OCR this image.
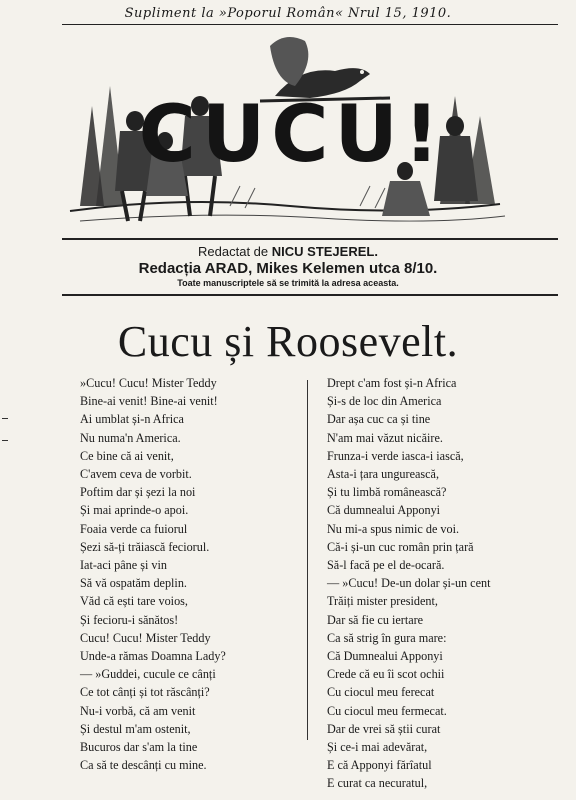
Supliment la »Poporul Român« Nrul 15, 1910.
CUCU!
Redactat de NICU STEJEREL.
Redacția ARAD, Mikes Kelemen utca 8/10.
Toate manuscriptele să se trimită la adresa aceasta.
Cucu și Roosevelt.
»Cucu! Cucu! Mister Teddy
Bine-ai venit! Bine-ai venit!
Ai umblat și-n Africa
Nu numa'n America.
Ce bine că ai venit,
C'avem ceva de vorbit.
Poftim dar și șezi la noi
Și mai aprinde-o apoi.
Foaia verde ca fuiorul
Șezi să-ți trăiască feciorul.
Iat-aci pâne și vin
Să vă ospatăm deplin.
Văd că ești tare voios,
Și fecioru-i sănătos!
Cucu! Cucu! Mister Teddy
Unde-a rămas Doamna Lady?
— »Guddei, cucule ce cânți
Ce tot cânți și tot răscânți?
Nu-i vorbă, că am venit
Și destul m'am ostenit,
Bucuros dar s'am la tine
Ca să te descânți cu mine.
Drept c'am fost și-n Africa
Și-s de loc din America
Dar așa cuc ca și tine
N'am mai văzut nicăire.
Frunza-i verde iasca-i iască,
Asta-i țara ungurească,
Și tu limbă românească?
Că dumnealui Apponyi
Nu mi-a spus nimic de voi.
Că-i și-un cuc român prin țară
Să-l facă pe el de-ocară.
— »Cucu! De-un dolar și-un cent
Trăiți mister president,
Dar să fie cu iertare
Ca să strig în gura mare:
Că Dumnealui Apponyi
Crede că eu îi scot ochii
Cu ciocul meu ferecat
Cu ciocul meu fermecat.
Dar de vrei să știi curat
Și ce-i mai adevărat,
E că Apponyi fărîatul
E curat ca necuratul,
